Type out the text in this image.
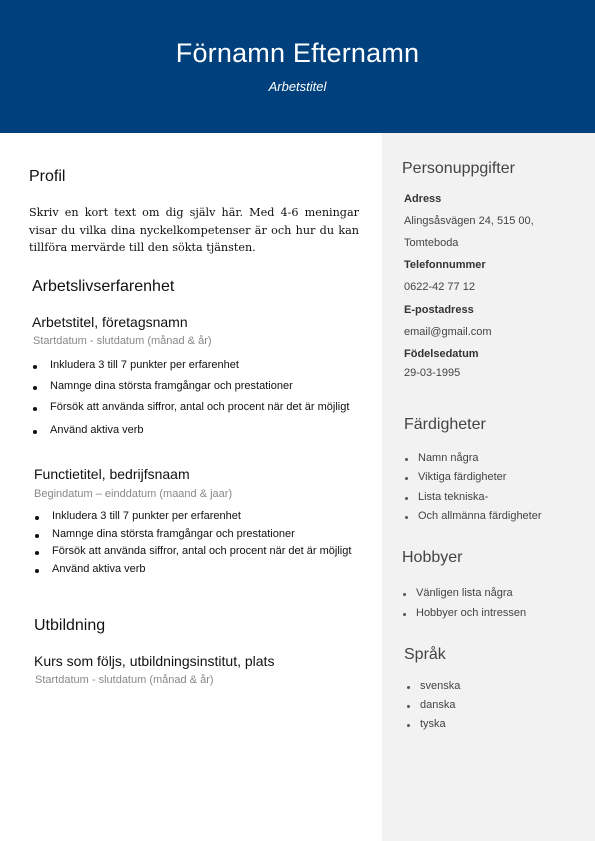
Förnamn Efternamn
Arbetstitel
Profil
Skriv en kort text om dig själv här. Med 4-6 meningar visar du vilka dina nyckelkompetenser är och hur du kan tillföra mervärde till den sökta tjänsten.
Arbetslivserfarenhet
Arbetstitel, företagsnamn
Startdatum - slutdatum (månad & år)
Inkludera 3 till 7 punkter per erfarenhet
Namnge dina största framgångar och prestationer
Försök att använda siffror, antal och procent när det är möjligt
Använd aktiva verb
Functietitel, bedrijfsnaam
Begindatum – einddatum (maand & jaar)
Inkludera 3 till 7 punkter per erfarenhet
Namnge dina största framgångar och prestationer
Försök att använda siffror, antal och procent när det är möjligt
Använd aktiva verb
Utbildning
Kurs som följs, utbildningsinstitut, plats
Startdatum - slutdatum (månad & år)
Personuppgifter
Adress
Alingsåsvägen 24, 515 00,
Tomteboda
Telefonnummer
0622-42 77 12
E-postadress
email@gmail.com
Födelsedatum
29-03-1995
Färdigheter
Namn några
Viktiga färdigheter
Lista tekniska-
Och allmänna färdigheter
Hobbyer
Vänligen lista några
Hobbyer och intressen
Språk
svenska
danska
tyska
